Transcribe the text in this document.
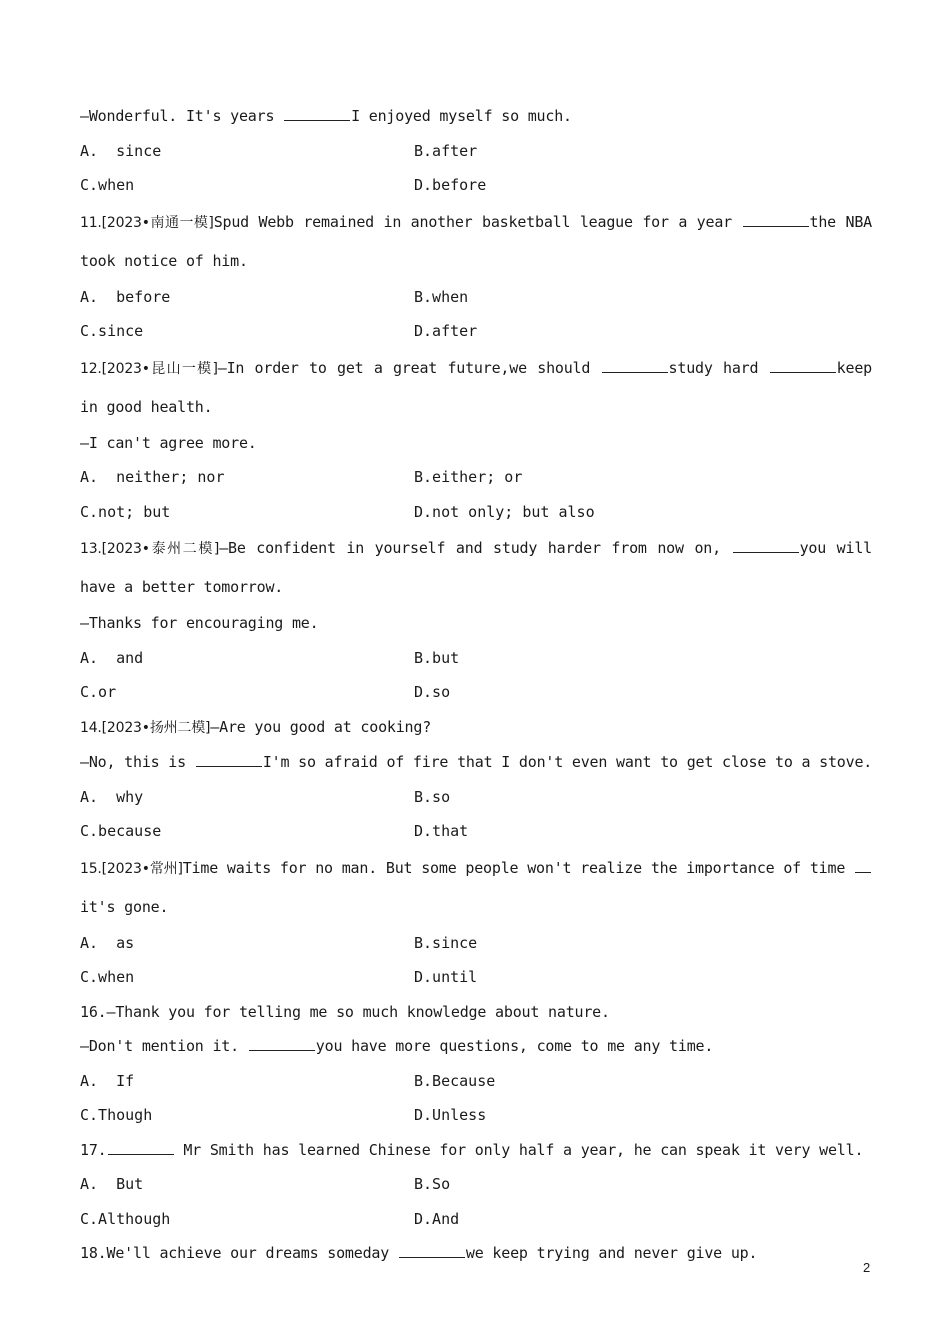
—Wonderful. It's years	I enjoyed myself so much.
A.  since	B.after
C.when	D.before
11.[2023•南通一模]Spud Webb remained in another basketball league for a year	the NBA took notice of him.
A.  before	B.when
C.since	D.after
12.[2023•昆山一模]—In order to get a great future,we should	study hard	keep in good health.
—I can't agree more.
A.  neither; nor	B.either; or
C.not; but	D.not only; but also
13.[2023•泰州二模]—Be confident in yourself and study harder from now on,	you will have a better tomorrow.
—Thanks for encouraging me.
A.  and	B.but
C.or	D.so
14.[2023•扬州二模]—Are you good at cooking?
—No, this is	I'm so afraid of fire that I don't even want to get close to a stove.
A.  why	B.so
C.because	D.that
15.[2023•常州]Time waits for no man. But some people won't realize the importance of time  it's gone.
A.  as	B.since
C.when	D.until
16.—Thank you for telling me so much knowledge about nature.
—Don't mention it.	you have more questions, come to me any time.
A.  If	B.Because
C.Though	D.Unless
17.	Mr Smith has learned Chinese for only half a year, he can speak it very well.
A.  But	B.So
C.Although	D.And
18.We'll achieve our dreams someday	we keep trying and never give up.
2
